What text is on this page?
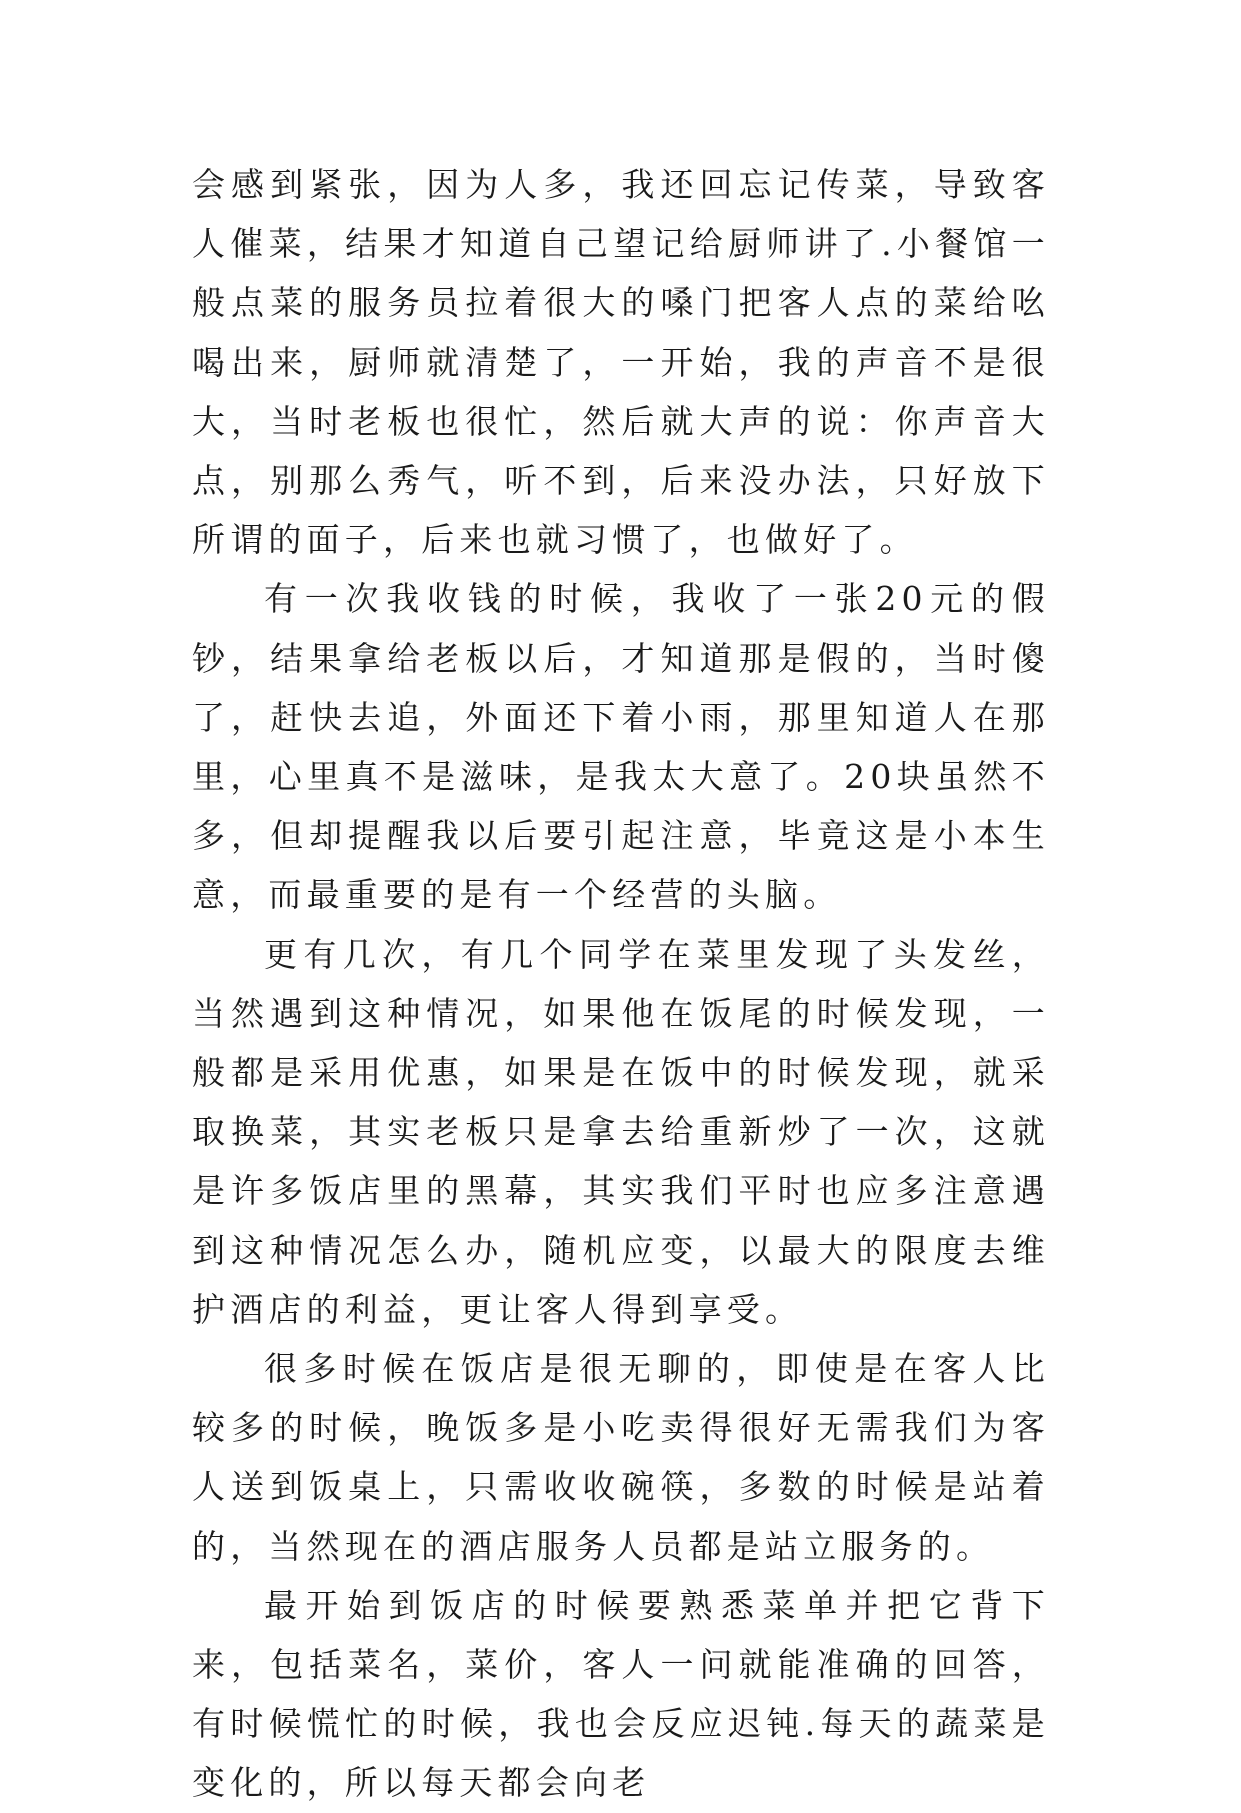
会感到紧张，因为人多，我还回忘记传菜，导致客人催菜，结果才知道自己望记给厨师讲了.小餐馆一般点菜的服务员拉着很大的嗓门把客人点的菜给吆喝出来，厨师就清楚了，一开始，我的声音不是很大，当时老板也很忙，然后就大声的说：你声音大点，别那么秀气，听不到，后来没办法，只好放下所谓的面子，后来也就习惯了，也做好了。

有一次我收钱的时候，我收了一张20元的假钞，结果拿给老板以后，才知道那是假的，当时傻了，赶快去追，外面还下着小雨，那里知道人在那里，心里真不是滋味，是我太大意了。20块虽然不多，但却提醒我以后要引起注意，毕竟这是小本生意，而最重要的是有一个经营的头脑。

更有几次，有几个同学在菜里发现了头发丝，当然遇到这种情况，如果他在饭尾的时候发现，一般都是采用优惠，如果是在饭中的时候发现，就采取换菜，其实老板只是拿去给重新炒了一次，这就是许多饭店里的黑幕，其实我们平时也应多注意遇到这种情况怎么办，随机应变，以最大的限度去维护酒店的利益，更让客人得到享受。

很多时候在饭店是很无聊的，即使是在客人比较多的时候，晚饭多是小吃卖得很好无需我们为客人送到饭桌上，只需收收碗筷，多数的时候是站着的，当然现在的酒店服务人员都是站立服务的。

最开始到饭店的时候要熟悉菜单并把它背下来，包括菜名，菜价，客人一问就能准确的回答，有时候慌忙的时候，我也会反应迟钝.每天的蔬菜是变化的，所以每天都会向老
